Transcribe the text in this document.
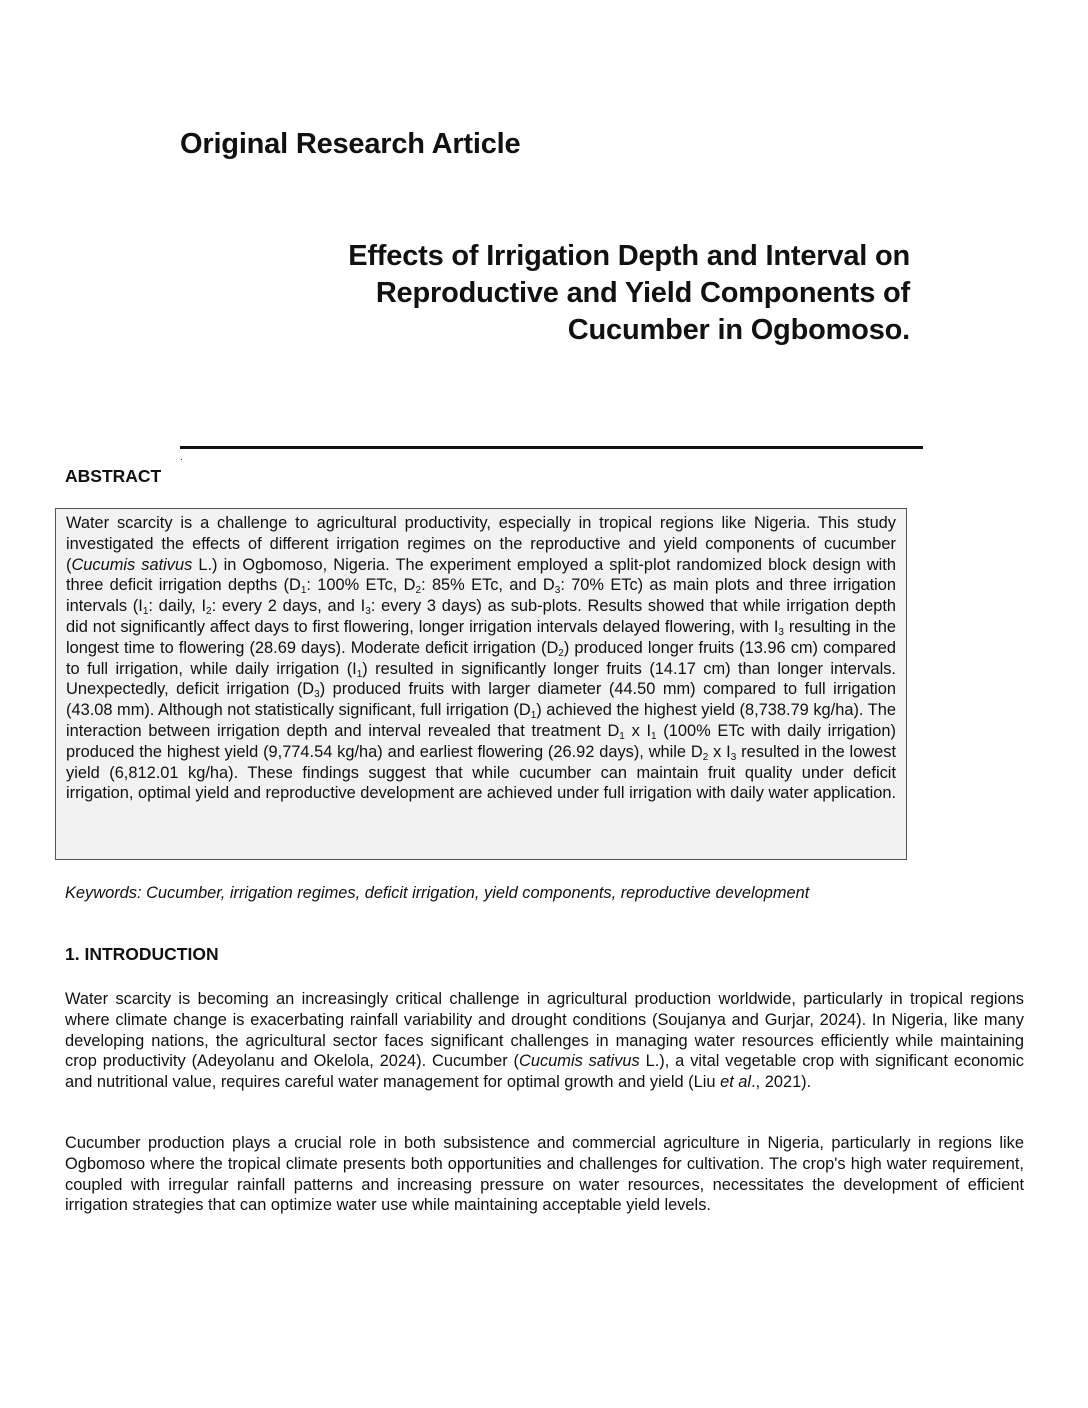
Original Research Article
Effects of Irrigation Depth and Interval on
Reproductive and Yield Components of
Cucumber in Ogbomoso.
.
ABSTRACT

Water scarcity is a challenge to agricultural productivity, especially in tropical regions like Nigeria. This study investigated the effects of different irrigation regimes on the reproductive and yield components of cucumber (Cucumis sativus L.) in Ogbomoso, Nigeria. The experiment employed a split-plot randomized block design with three deficit irrigation depths ($D_1$: 100% ETc, $D_2$: 85% ETc, and $D_3$: 70% ETc) as main plots and three irrigation intervals ($I_1$: daily, $I_2$: every 2 days, and $I_3$: every 3 days) as sub-plots. Results showed that while irrigation depth did not significantly affect days to first flowering, longer irrigation intervals delayed flowering, with $I_3$ resulting in the longest time to flowering (28.69 days). Moderate deficit irrigation $(D_2)$ produced longer fruits (13.96 cm) compared to full irrigation, while daily irrigation $(I_1)$ resulted in significantly longer fruits (14.17 cm) than longer intervals. Unexpectedly, deficit irrigation $(D_3)$ produced fruits with larger diameter (44.50 mm) compared to full irrigation (43.08 mm). Although not statistically significant, full irrigation $(D_1)$ achieved the highest yield (8,738.79 kg/ha). The interaction between irrigation depth and interval revealed that treatment $D_1$ x $I_1$ (100% ETc with daily irrigation) produced the highest yield (9,774.54 kg/ha) and earliest flowering (26.92 days), while $D_2$ x $I_3$ resulted in the lowest yield (6,812.01 kg/ha). These findings suggest that while cucumber can maintain fruit quality under deficit irrigation, optimal yield and reproductive development are achieved under full irrigation with daily water application.

Keywords: Cucumber, irrigation regimes, deficit irrigation, yield components, reproductive development
1. INTRODUCTION

Water scarcity is becoming an increasingly critical challenge in agricultural production worldwide, particularly in tropical regions where climate change is exacerbating rainfall variability and drought conditions (Soujanya and Gurjar, 2024). In Nigeria, like many developing nations, the agricultural sector faces significant challenges in managing water resources efficiently while maintaining crop productivity (Adeyolanu and Okelola, 2024). Cucumber (Cucumis sativus L.), a vital vegetable crop with significant economic and nutritional value, requires careful water management for optimal growth and yield (Liu et al., 2021).

Cucumber production plays a crucial role in both subsistence and commercial agriculture in Nigeria, particularly in regions like Ogbomoso where the tropical climate presents both opportunities and challenges for cultivation. The crop's high water requirement, coupled with irregular rainfall patterns and increasing pressure on water resources, necessitates the development of efficient irrigation strategies that can optimize water use while maintaining acceptable yield levels.
